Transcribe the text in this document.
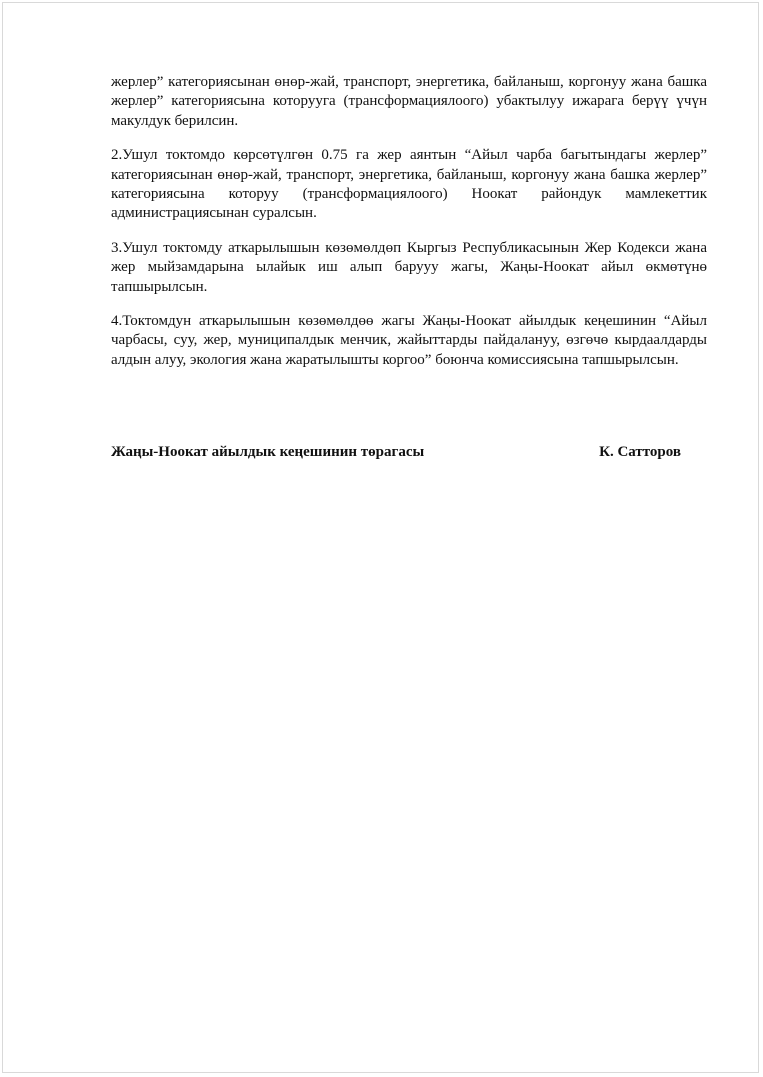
жерлер” категориясынан өнөр-жай, транспорт, энергетика, байланыш, коргонуу жана башка жерлер” категориясына которууга (трансформациялоого) убактылуу ижарага берүү үчүн макулдук берилсин.

2.Ушул токтомдо көрсөтүлгөн 0.75 га жер аянтын “Айыл чарба багытындагы жерлер” категориясынан өнөр-жай, транспорт, энергетика, байланыш, коргонуу жана башка жерлер” категориясына которуу (трансформациялоого) Ноокат райондук мамлекеттик администрациясынан суралсын.

3.Ушул токтомду аткарылышын көзөмөлдөп Кыргыз Республикасынын Жер Кодекси жана жер мыйзамдарына ылайык иш алып барууу жагы, Жаңы-Ноокат айыл өкмөтүнө тапшырылсын.

4.Токтомдун аткарылышын көзөмөлдөө жагы Жаңы-Ноокат айылдык кеңешинин “Айыл чарбасы, суу, жер, муниципалдык менчик, жайыттарды пайдалануу, өзгөчө кырдаалдарды алдын алуу, экология жана жаратылышты коргоо” боюнча комиссиясына тапшырылсын.

Жаңы-Ноокат айылдык кеңешинин төрагасы	К. Сатторов
